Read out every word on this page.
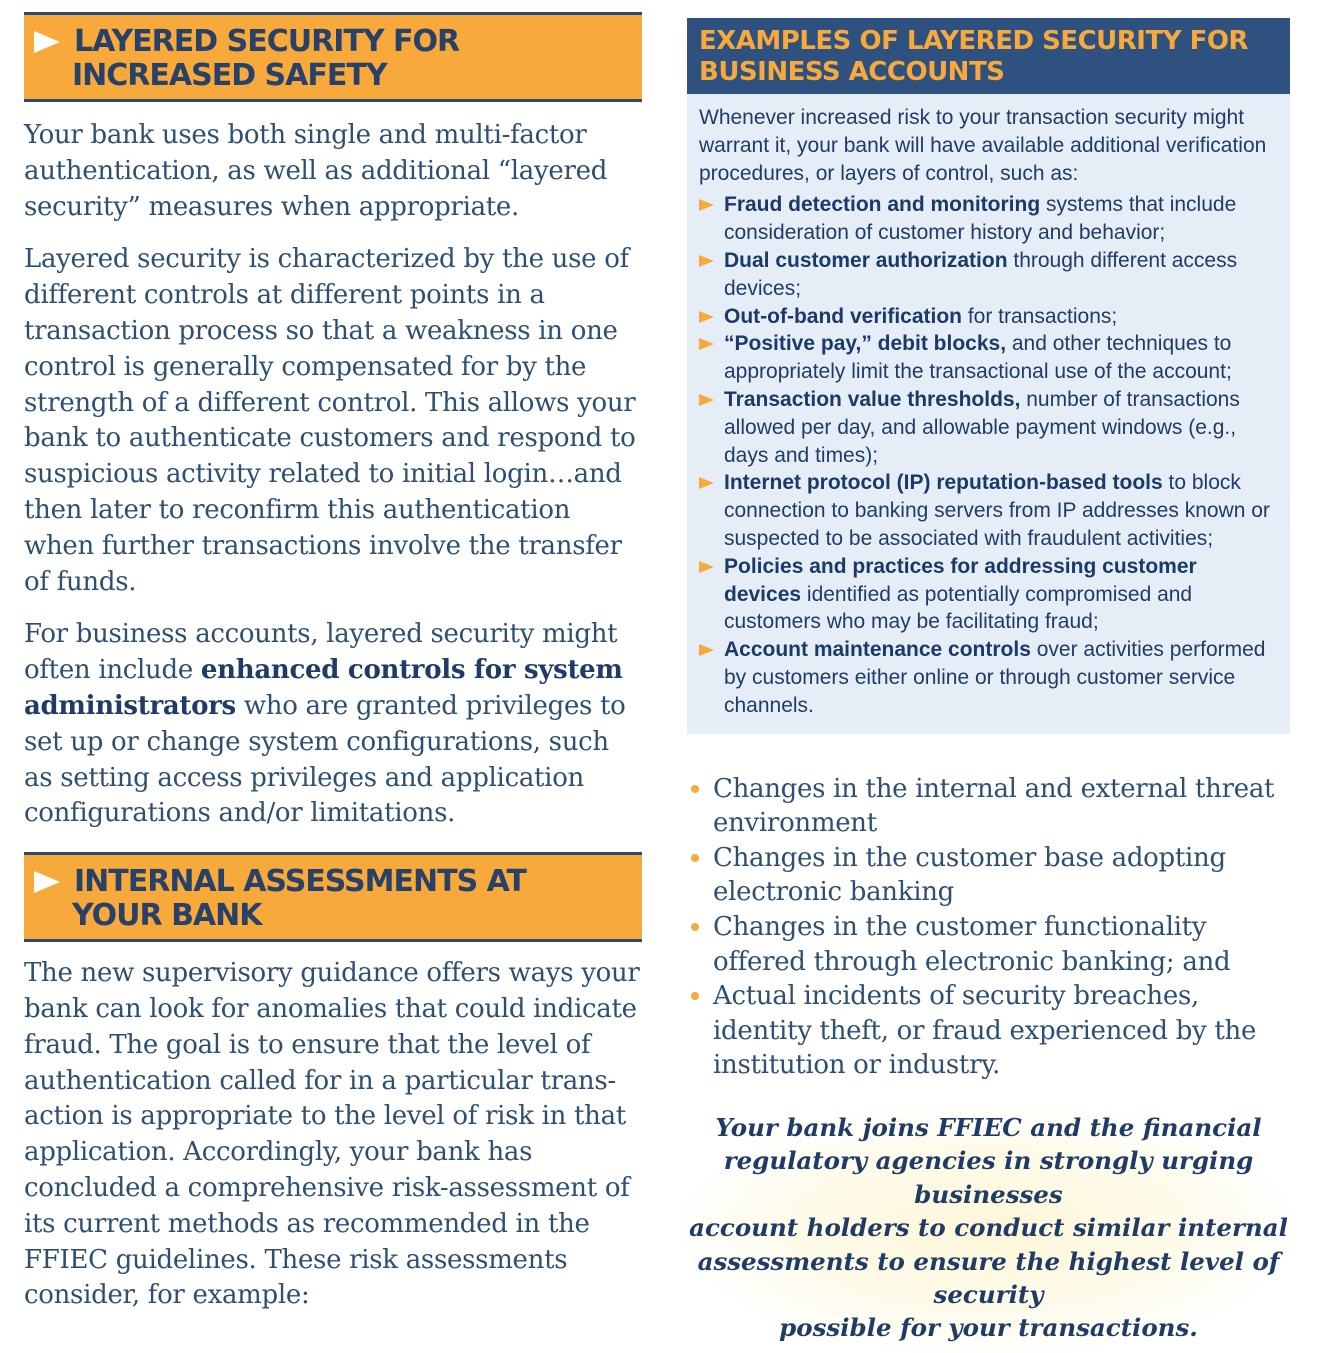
LAYERED SECURITY FOR
INCREASED SAFETY

Your bank uses both single and multi-factor authentication, as well as additional “layered security” measures when appropriate.

Layered security is characterized by the use of different controls at different points in a transaction process so that a weakness in one control is generally compensated for by the strength of a different control. This allows your bank to authenticate customers and respond to suspicious activity related to initial login…and then later to reconfirm this authentication when further transactions involve the transfer of funds.

For business accounts, layered security might often include enhanced controls for system administrators who are granted privileges to set up or change system configurations, such as setting access privileges and application configurations and/or limitations.

INTERNAL ASSESSMENTS AT
YOUR BANK

The new supervisory guidance offers ways your bank can look for anomalies that could indicate fraud. The goal is to ensure that the level of authentication called for in a particular trans-action is appropriate to the level of risk in that application. Accordingly, your bank has concluded a comprehensive risk-assessment of its current methods as recommended in the FFIEC guidelines. These risk assessments consider, for example:

EXAMPLES OF LAYERED SECURITY FOR
BUSINESS ACCOUNTS

Whenever increased risk to your transaction security might warrant it, your bank will have available additional verification procedures, or layers of control, such as:

Fraud detection and monitoring systems that include consideration of customer history and behavior;
Dual customer authorization through different access devices;
Out-of-band verification for transactions;
“Positive pay,” debit blocks, and other techniques to appropriately limit the transactional use of the account;
Transaction value thresholds, number of transactions allowed per day, and allowable payment windows (e.g., days and times);
Internet protocol (IP) reputation-based tools to block connection to banking servers from IP addresses known or suspected to be associated with fraudulent activities;
Policies and practices for addressing customer devices identified as potentially compromised and customers who may be facilitating fraud;
Account maintenance controls over activities performed by customers either online or through customer service channels.
Changes in the internal and external threat environment
Changes in the customer base adopting electronic banking
Changes in the customer functionality offered through electronic banking; and
Actual incidents of security breaches, identity theft, or fraud experienced by the institution or industry.
Your bank joins FFIEC and the financial
regulatory agencies in strongly urging businesses
account holders to conduct similar internal
assessments to ensure the highest level of security
possible for your transactions.
